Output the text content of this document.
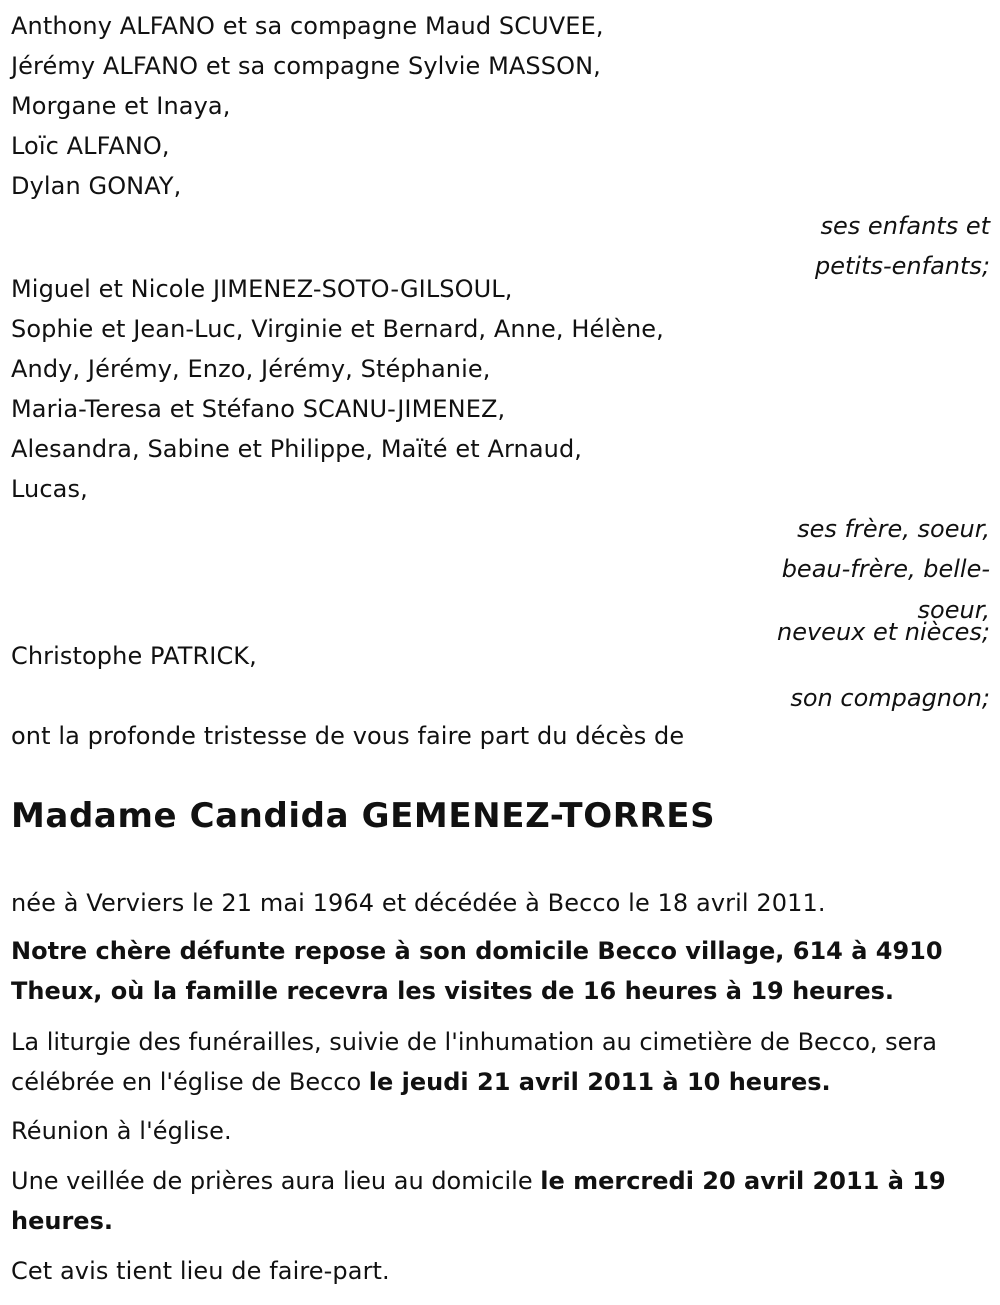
Anthony ALFANO et sa compagne Maud SCUVEE,
Jérémy ALFANO et sa compagne Sylvie MASSON,
Morgane et Inaya,
Loïc ALFANO,
Dylan GONAY,
ses enfants et
petits-enfants;
Miguel et Nicole JIMENEZ-SOTO-GILSOUL,
Sophie et Jean-Luc, Virginie et Bernard, Anne, Hélène,
Andy, Jérémy, Enzo, Jérémy, Stéphanie,
Maria-Teresa et Stéfano SCANU-JIMENEZ,
Alesandra, Sabine et Philippe, Maïté et Arnaud,
Lucas,
ses frère, soeur,
beau-frère, belle-
soeur,
neveux et nièces;
Christophe PATRICK,
son compagnon;
ont la profonde tristesse de vous faire part du décès de
Madame Candida GEMENEZ-TORRES
née à Verviers le 21 mai 1964 et décédée à Becco le 18 avril 2011.

Notre chère défunte repose à son domicile Becco village, 614 à 4910 Theux, où la famille recevra les visites de 16 heures à 19 heures.

La liturgie des funérailles, suivie de l'inhumation au cimetière de Becco, sera célébrée en l'église de Becco le jeudi 21 avril 2011 à 10 heures.

Réunion à l'église.

Une veillée de prières aura lieu au domicile le mercredi 20 avril 2011 à 19 heures.

Cet avis tient lieu de faire-part.
